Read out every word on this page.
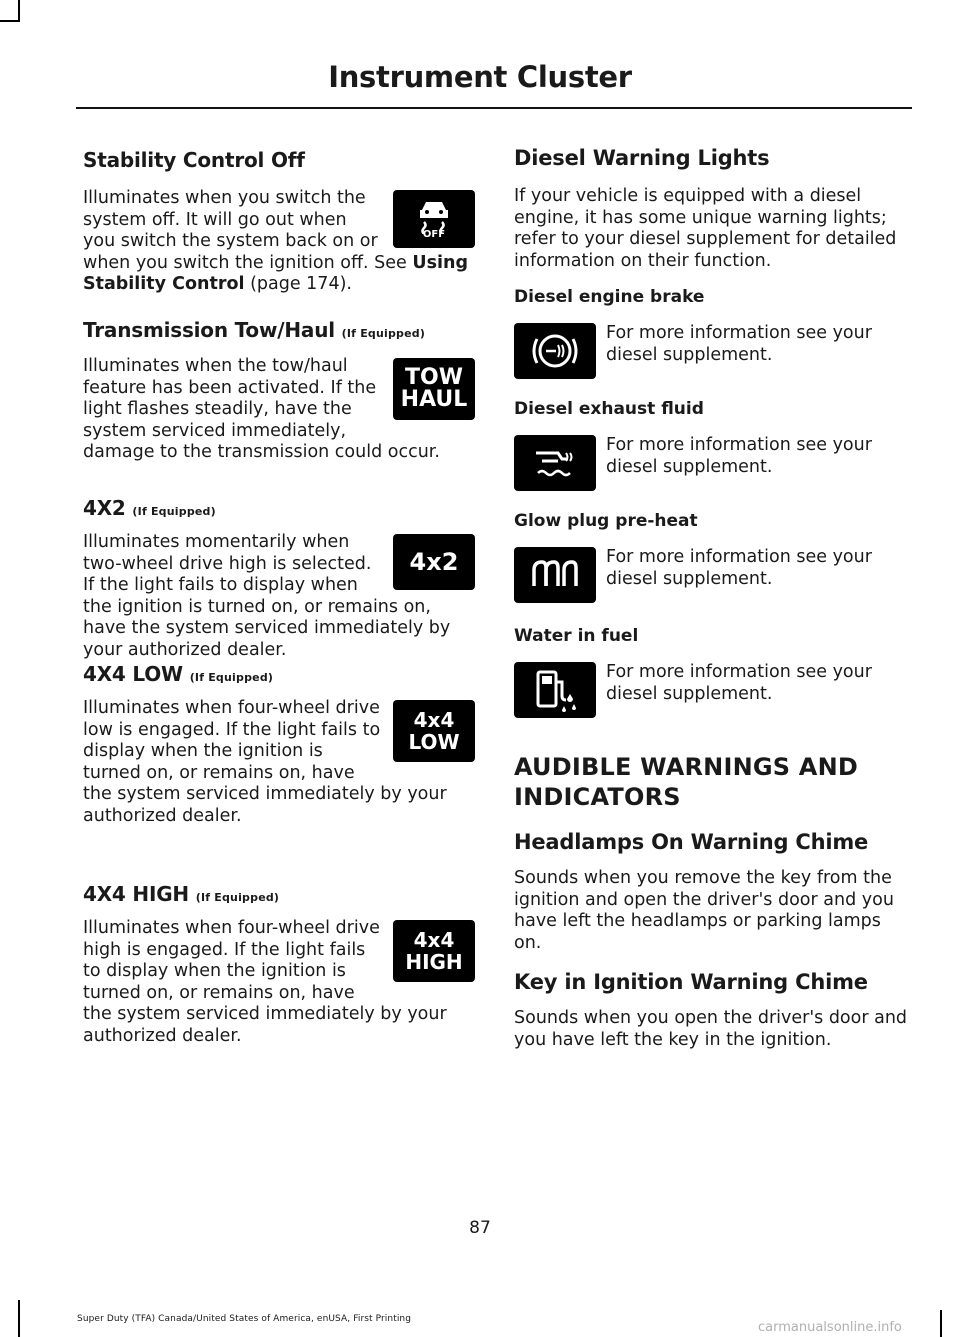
Instrument Cluster

Stability Control Off

OFF

Illuminates when you switch the system off. It will go out when you switch the system back on or when you switch the ignition off. See Using Stability Control (page 174).

Transmission Tow/Haul (If Equipped)

TOW
HAUL

Illuminates when the tow/haul feature has been activated. If the light flashes steadily, have the system serviced immediately, damage to the transmission could occur.

4X2 (If Equipped)

4x2

Illuminates momentarily when two-wheel drive high is selected. If the light fails to display when the ignition is turned on, or remains on, have the system serviced immediately by your authorized dealer.

4X4 LOW (If Equipped)

4x4
LOW

Illuminates when four-wheel drive low is engaged. If the light fails to display when the ignition is turned on, or remains on, have the system serviced immediately by your authorized dealer.

4X4 HIGH (If Equipped)

4x4
HIGH

Illuminates when four-wheel drive high is engaged. If the light fails to display when the ignition is turned on, or remains on, have the system serviced immediately by your authorized dealer.

Diesel Warning Lights

If your vehicle is equipped with a diesel engine, it has some unique warning lights; refer to your diesel supplement for detailed information on their function.

Diesel engine brake

For more information see your diesel supplement.

Diesel exhaust fluid

For more information see your diesel supplement.

Glow plug pre-heat

For more information see your diesel supplement.

Water in fuel

For more information see your diesel supplement.

AUDIBLE WARNINGS AND

INDICATORS

Headlamps On Warning Chime

Sounds when you remove the key from the ignition and open the driver's door and you have left the headlamps or parking lamps on.

Key in Ignition Warning Chime

Sounds when you open the driver's door and you have left the key in the ignition.

87
Super Duty (TFA) Canada/United States of America, enUSA, First Printing
carmanualsonline.info
